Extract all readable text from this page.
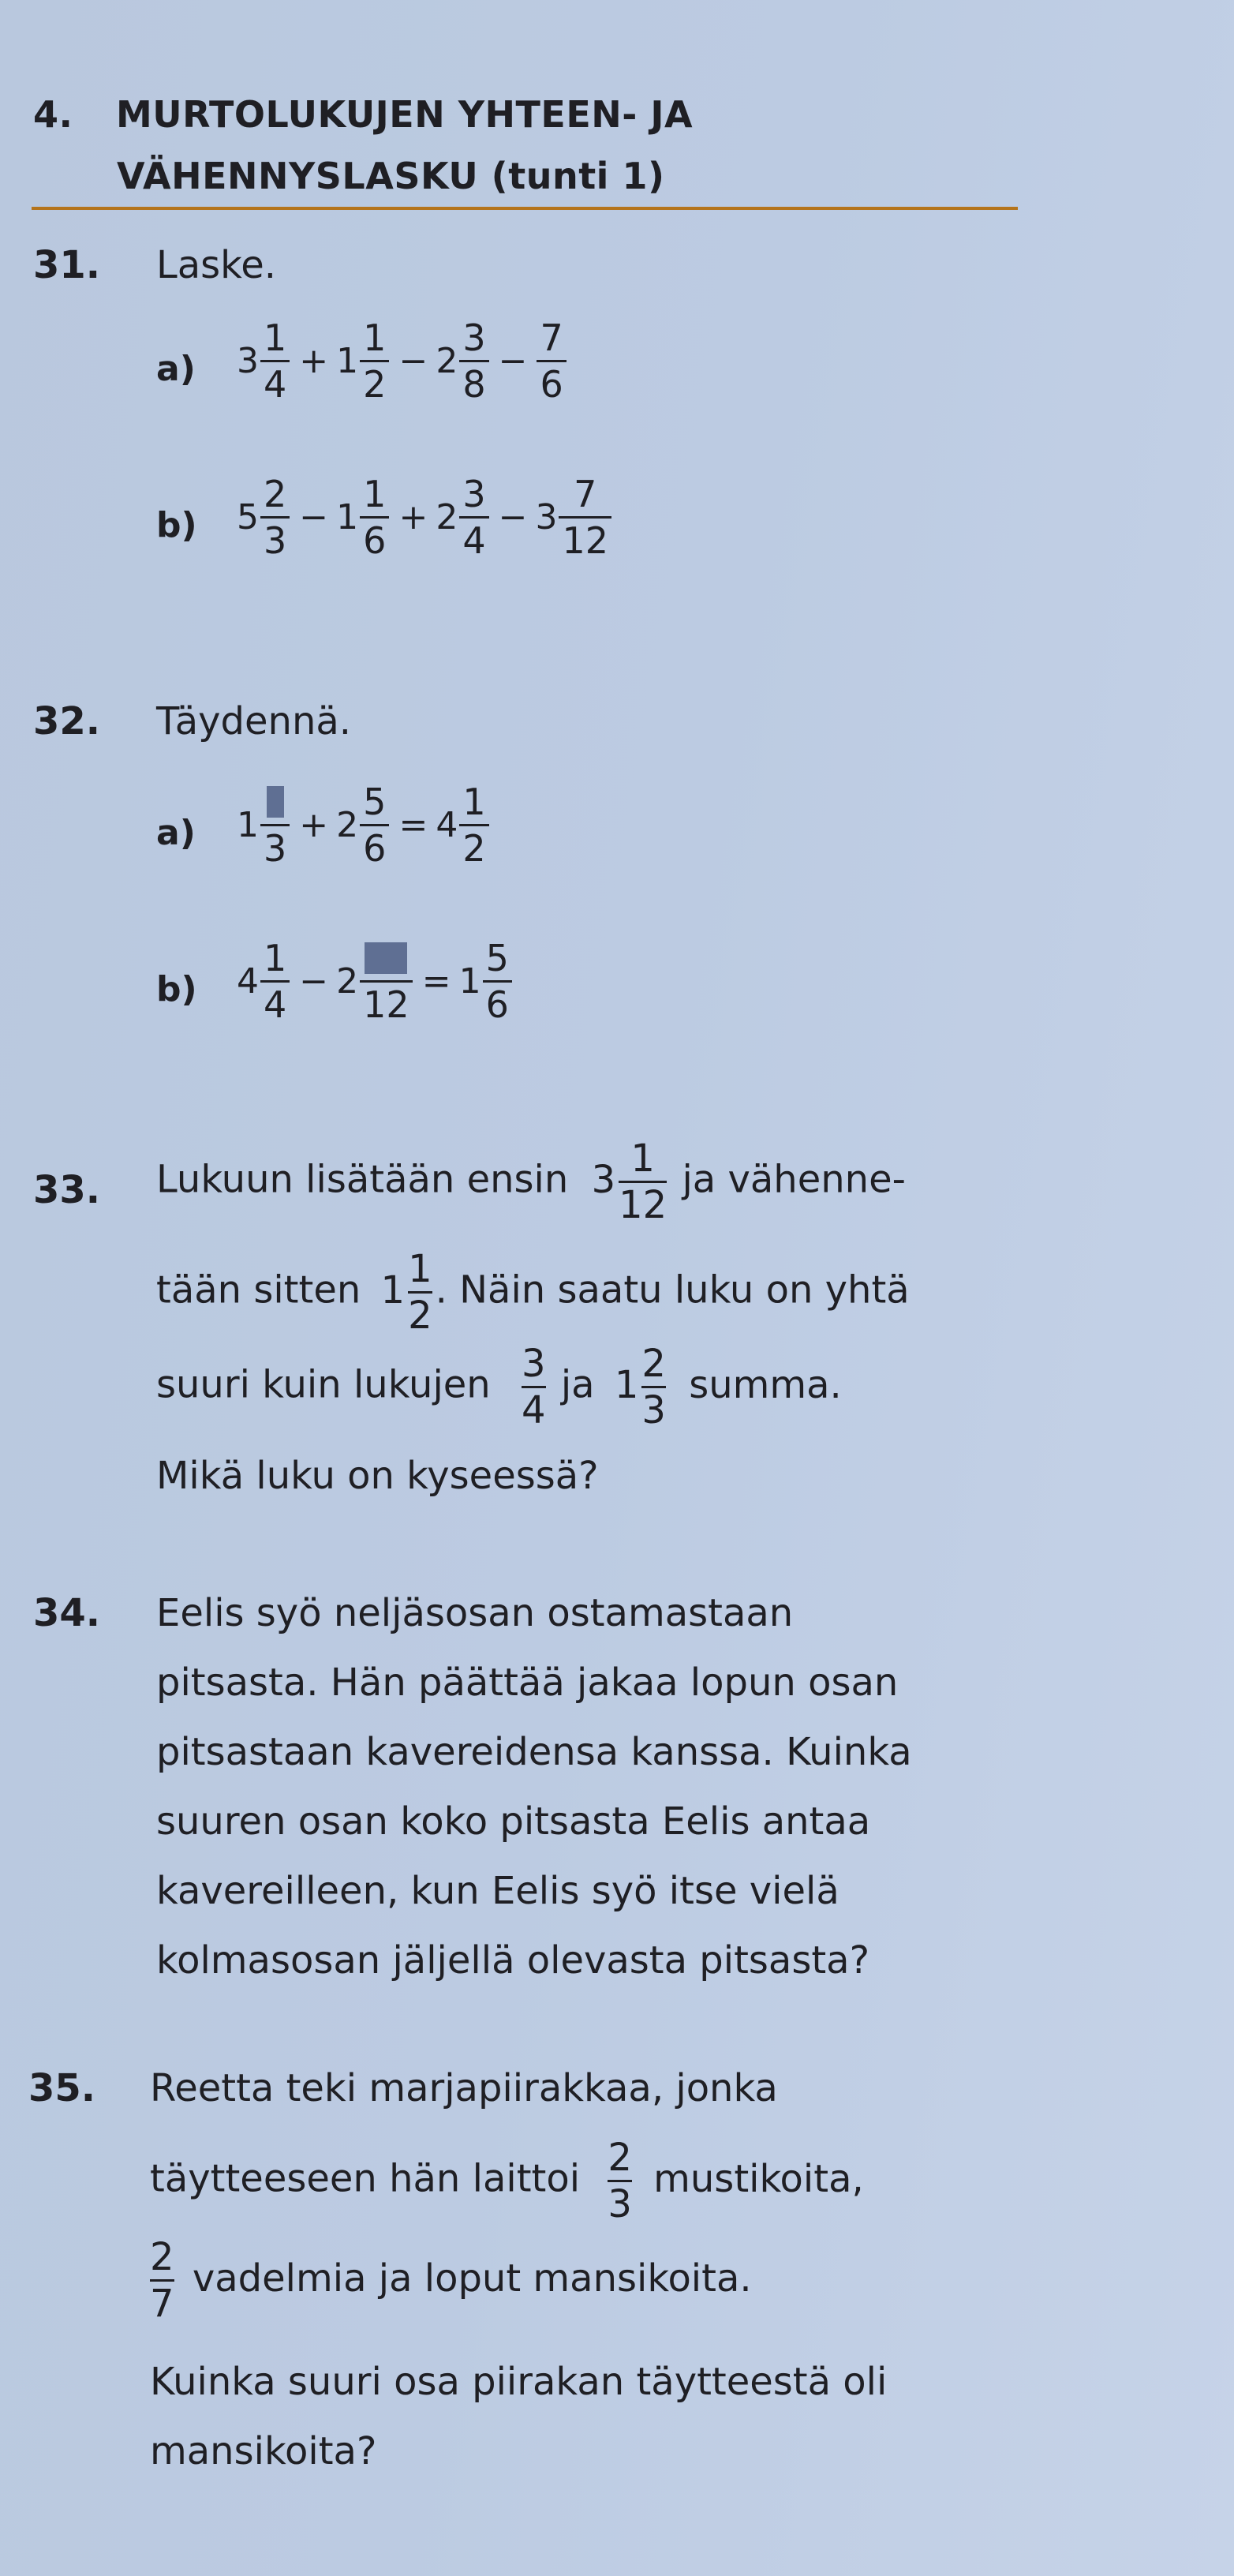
4. MURTOLUKUJEN YHTEEN- JA
VÄHENNYSLASKU (tunti 1)
31. Laske.
a) $3 \frac{1}{4} + 1 \frac{1}{2} - 2 \frac{3}{8} - \frac{7}{6}$
b) $5 \frac{2}{3} - 1 \frac{1}{6} + 2 \frac{3}{4} - 3 \frac{7}{12}$
32. Täydennä.
a) 1
3
+ $2 \frac{5}{6} = 4 \frac{1}{2}$
b) $4 \frac{1}{4} - 2$
12
= $1 \frac{5}{6}$
33. Lukuun lisätään ensin $3 \frac{1}{12}$ ja vähenne-
tään sitten $1 \frac{1}{2}$ . Näin saatu luku on yhtä
suuri kuin lukujen $\frac{3}{4}$ ja $1 \frac{2}{3}$ summa.
Mikä luku on kyseessä?
34. Eelis syö neljäsosan ostamastaan
pitsasta. Hän päättää jakaa lopun osan
pitsastaan kavereidensa kanssa. Kuinka
suuren osan koko pitsasta Eelis antaa
kavereilleen, kun Eelis syö itse vielä
kolmasosan jäljellä olevasta pitsasta?
35. Reetta teki marjapiirakkaa, jonka
täytteeseen hän laittoi $\frac{2}{3}$ mustikoita,
$\frac{2}{7}$ vadelmia ja loput mansikoita.
Kuinka suuri osa piirakan täytteestä oli
mansikoita?
